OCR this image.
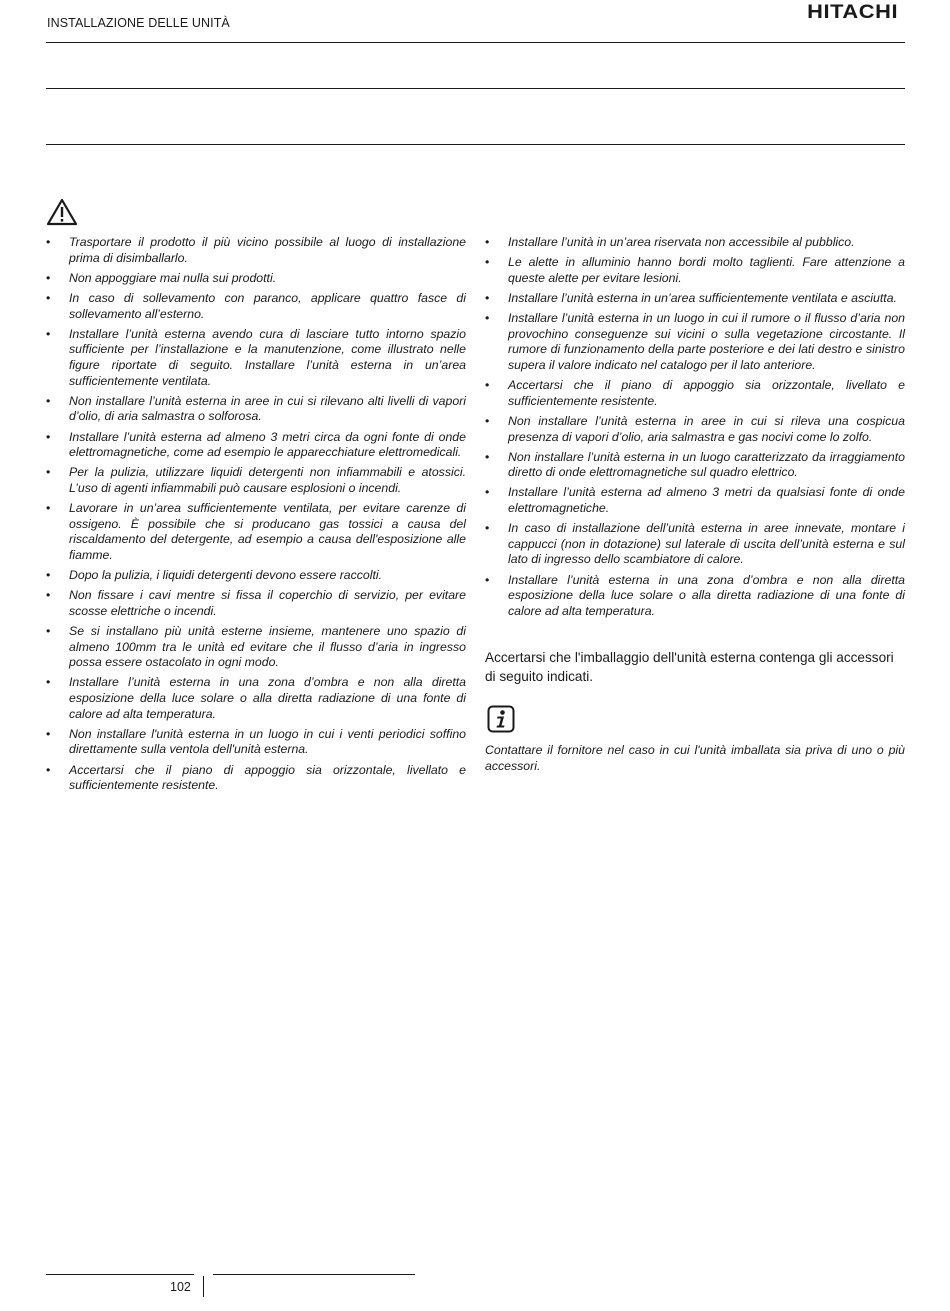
INSTALLAZIONE DELLE UNITÀ	HITACHI
• Trasportare il prodotto il più vicino possibile al luogo di installazione prima di disimballarlo.
• Non appoggiare mai nulla sui prodotti.
• In caso di sollevamento con paranco, applicare quattro fasce di sollevamento all’esterno.
• Installare l’unità esterna avendo cura di lasciare tutto intorno spazio sufficiente per l’installazione e la manutenzione, come illustrato nelle figure riportate di seguito. Installare l’unità esterna in un’area sufficientemente ventilata.
• Non installare l’unità esterna in aree in cui si rilevano alti livelli di vapori d’olio, di aria salmastra o solforosa.
• Installare l’unità esterna ad almeno 3 metri circa da ogni fonte di onde elettromagnetiche, come ad esempio le apparecchiature elettromedicali.
• Per la pulizia, utilizzare liquidi detergenti non infiammabili e atossici. L’uso di agenti infiammabili può causare esplosioni o incendi.
• Lavorare in un’area sufficientemente ventilata, per evitare carenze di ossigeno. È possibile che si producano gas tossici a causa del riscaldamento del detergente, ad esempio a causa dell'esposizione alle fiamme.
• Dopo la pulizia, i liquidi detergenti devono essere raccolti.
• Non fissare i cavi mentre si fissa il coperchio di servizio, per evitare scosse elettriche o incendi.
• Se si installano più unità esterne insieme, mantenere uno spazio di almeno 100mm tra le unità ed evitare che il flusso d’aria in ingresso possa essere ostacolato in ogni modo.
• Installare l’unità esterna in una zona d’ombra e non alla diretta esposizione della luce solare o alla diretta radiazione di una fonte di calore ad alta temperatura.
• Non installare l'unità esterna in un luogo in cui i venti periodici soffino direttamente sulla ventola dell'unità esterna.
• Accertarsi che il piano di appoggio sia orizzontale, livellato e sufficientemente resistente.
• Installare l’unità in un’area riservata non accessibile al pubblico.
• Le alette in alluminio hanno bordi molto taglienti. Fare attenzione a queste alette per evitare lesioni.
• Installare l’unità esterna in un’area sufficientemente ventilata e asciutta.
• Installare l’unità esterna in un luogo in cui il rumore o il flusso d’aria non provochino conseguenze sui vicini o sulla vegetazione circostante. Il rumore di funzionamento della parte posteriore e dei lati destro e sinistro supera il valore indicato nel catalogo per il lato anteriore.
• Accertarsi che il piano di appoggio sia orizzontale, livellato e sufficientemente resistente.
• Non installare l’unità esterna in aree in cui si rileva una cospicua presenza di vapori d’olio, aria salmastra e gas nocivi come lo zolfo.
• Non installare l’unità esterna in un luogo caratterizzato da irraggiamento diretto di onde elettromagnetiche sul quadro elettrico.
• Installare l’unità esterna ad almeno 3 metri da qualsiasi fonte di onde elettromagnetiche.
• In caso di installazione dell’unità esterna in aree innevate, montare i cappucci (non in dotazione) sul laterale di uscita dell’unità esterna e sul lato di ingresso dello scambiatore di calore.
• Installare l’unità esterna in una zona d’ombra e non alla diretta esposizione della luce solare o alla diretta radiazione di una fonte di calore ad alta temperatura.
Accertarsi che l'imballaggio dell'unità esterna contenga gli accessori di seguito indicati.
Contattare il fornitore nel caso in cui l'unità imballata sia priva di uno o più accessori.
102
